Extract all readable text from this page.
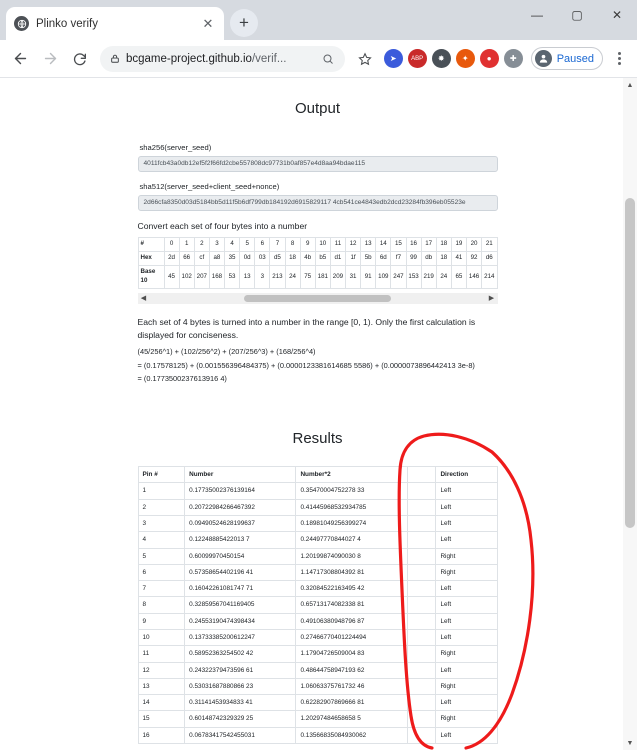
Plinko verify	✕	+	—	▢	✕
bcgame-project.github.io/verif...	➤	ABP	✸	✦	●	✚	Paused
Output
sha256(server_seed)
4011fcb43a0db12ef5f2f66fd2cbe557808dc97731b0af857e4d8aa94bdae115
sha512(server_seed+client_seed+nonce)
2d66cfa8350d03d5184bb5d11f5b6df799db184192d6915829117 4cb541ce4843edb2dcd23284fb396eb05523e
Convert each set of four bytes into a number
#	0	1	2	3	4	5	6	7	8	9	10	11	12	13	14	15	16	17	18	19	20	21
Hex	2d	66	cf	a8	35	0d	03	d5	18	4b	b5	d1	1f	5b	6d	f7	99	db	18	41	92	d6
Base 10	45	102	207	168	53	13	3	213	24	75	181	209	31	91	109	247	153	219	24	65	146	214
◀	▶
Each set of 4 bytes is turned into a number in the range [0, 1). Only the first calculation is displayed for conciseness.
(45/256^1) + (102/256^2) + (207/256^3) + (168/256^4)
= (0.17578125) + (0.001556396484375) + (0.0000123381614685 5586) + (0.0000073896442413 3e-8)
= (0.1773500237613916 4)
Results
Pin #	Number	Number*2		Direction
1	0.17735002376139164	0.35470004752278 33		Left
2	0.20722984266467392	0.41445968532934785		Left
3	0.09490524628199637	0.18981049256399274		Left
4	0.12248885422013 7	0.24497770844027 4		Left
5	0.60099970450154	1.20199874090030 8		Right
6	0.57358654402196 41	1.14717308804392 81		Right
7	0.16042261081747 71	0.32084522163495 42		Left
8	0.32859567041169405	0.65713174082338 81		Left
9	0.24553190474398434	0.49106380948796 87		Left
10	0.13733385200612247	0.27466770401224494		Left
11	0.58952363254502 42	1.17904726509004 83		Right
12	0.24322379473596 61	0.48644758947193 62		Left
13	0.53031687880866 23	1.06063375761732 46		Right
14	0.31141453934833 41	0.62282907869666 81		Left
15	0.60148742329329 25	1.20297484658658 5		Right
16	0.06783417542455031	0.13566835084930062		Left
▲
▼
